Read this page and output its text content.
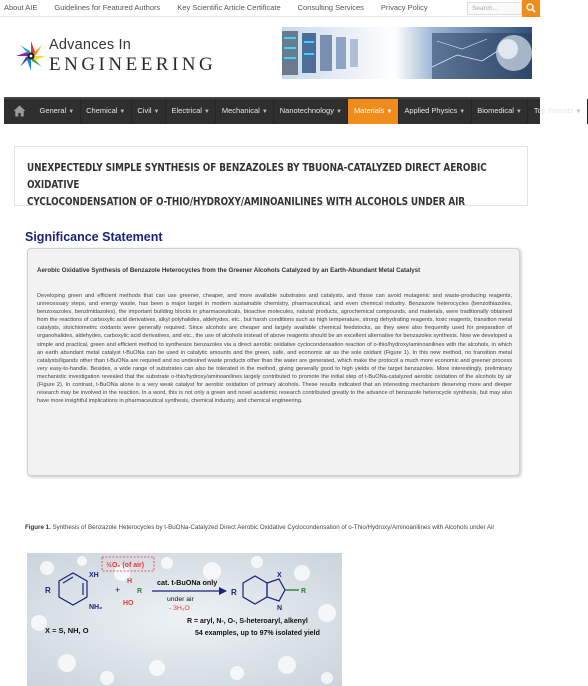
About AIE Guidelines for Featured Authors Key Scientific Article Certificate Consulting Services Privacy Policy	Search...
Advances In
ENGINEERING
General ▼	Chemical ▼	Civil ▼	Electrical ▼	Mechanical ▼	Nanotechnology ▼	Materials ▼	Applied Physics ▼	Biomedical ▼	Top Patents ▼
UNEXPECTEDLY SIMPLE SYNTHESIS OF BENZAZOLES BY TBUONA-CATALYZED DIRECT AEROBIC OXIDATIVE
CYCLOCONDENSATION OF O-THIO/HYDROXY/AMINOANILINES WITH ALCOHOLS UNDER AIR
Significance Statement
Aerobic Oxidative Synthesis of Benzazole Heterocycles from the Greener Alcohols Catalyzed by an Earth-Abundant Metal Catalyst
Developing green and efficient methods that can use greener, cheaper, and more available substrates and catalysts, and those can avoid mutagenic and waste-producing reagents, unnecessary steps, and energy waste, has been a major target in modern sustainable chemistry, pharmaceutical, and even chemical industry. Benzazole heterocycles (benzothiazoles, benzoxazoles, benzimidazoles), the important building blocks in pharmaceuticals, bioactive molecules, natural products, agrochemical compounds, and materials, were traditionally obtained from the reactions of carboxylic acid derivatives, alkyl polyhalides, aldehydes, etc., but harsh conditions such as high temperature, strong dehydrating reagents, toxic reagents, transition metal catalysts, stoichiometric oxidants were generally required. Since alcohols are cheaper and largely available chemical feedstocks, as they were also frequently used for preparation of organohalides, aldehydes, carboxylic acid derivatives, and etc., the use of alcohols instead of above reagents should be an excellent alternative for benzazoles synthesis. Now we developed a simple and practical, green and efficient method to synthesize benzazoles via a direct aerobic oxidative cyclocondensation reaction of o-thio/hydroxy/aminoanilines with the alcohols, in which an earth abundant metal catalyst t-BuONa can be used in catalytic amounts and the green, safe, and economic air as the sole oxidant (Figure 1). In this new method, no transition metal catalysts/ligands other than t-BuONa are required and no undesired waste products other than the water are generated, which make the protocol a much more economic and greener process very easy-to-handle. Besides, a wide range of substrates can also be tolerated in the method, giving generally good to high yields of the target benzazoles. More interestingly, preliminary mechanistic investigation revealed that the substrate o-thio/hydroxy/aminoanilines largely contributed to promote the initial step of t-BuONa-catalyzed aerobic oxidation of the alcohols by air (Figure 2). In contrast, t-BuONa alone is a very weak catalyst for aerobic oxidation of primary alcohols. These results indicated that an interesting mechanism deserving more and deeper research may be involved in the reaction. In a word, this is not only a green and novel academic research contributed greatly to the advance of benzazole heterocycle synthesis, but may also have more insightful implications in pharmaceutical synthesis, chemical industry, and chemical engineering.
Figure 1. Synthesis of Benzazole Heterocycles by t-BuONa-Catalyzed Direct Aerobic Oxidative Cyclocondensation of o-Thio/Hydroxy/Aminoanilines with Alcohols under Air
R
XH
NH₂
½O₂ (of air)
+
H
R
HO
cat. t-BuONa only
under air
- 3H₂O
R
X
N
R
X = S, NH, O
R = aryl, N-, O-, S-heteroaryl, alkenyl
54 examples, up to 97% isolated yield
